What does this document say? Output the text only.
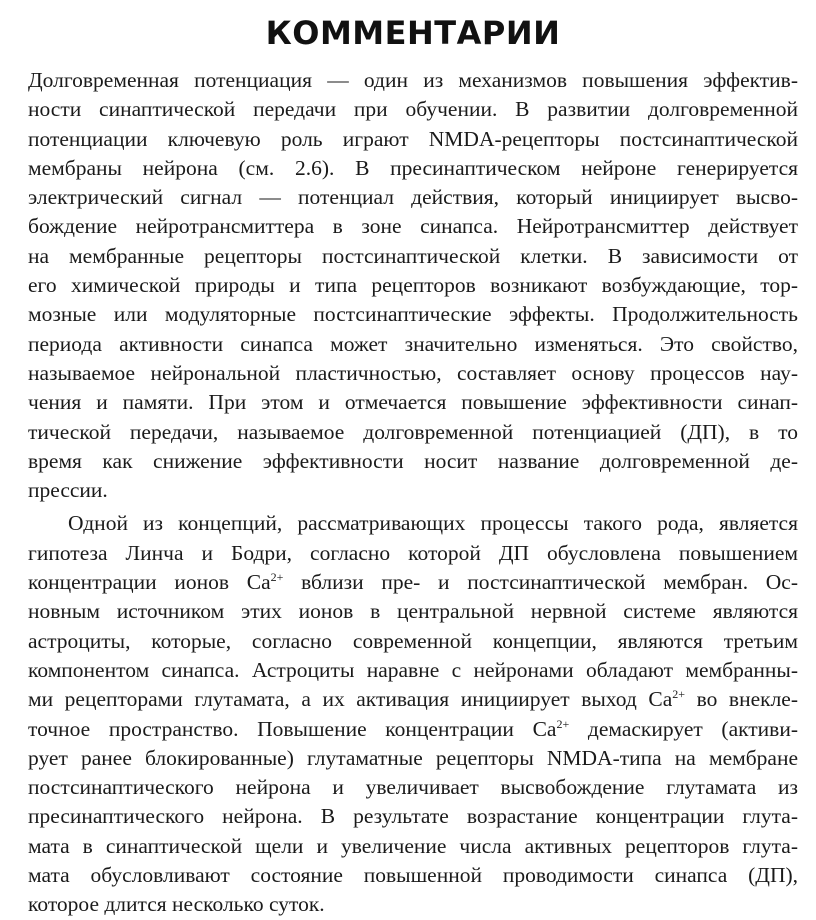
КОММЕНТАРИИ
Долговременная потенциация — один из механизмов повышения эффектив-
ности синаптической передачи при обучении. В развитии долговременной
потенциации ключевую роль играют NMDA-рецепторы постсинаптической
мембраны нейрона (см. 2.6). В пресинаптическом нейроне генерируется
электрический сигнал — потенциал действия, который инициирует высво-
бождение нейротрансмиттера в зоне синапса. Нейротрансмиттер действует
на мембранные рецепторы постсинаптической клетки. В зависимости от
его химической природы и типа рецепторов возникают возбуждающие, тор-
мозные или модуляторные постсинаптические эффекты. Продолжительность
периода активности синапса может значительно изменяться. Это свойство,
называемое нейрональной пластичностью, составляет основу процессов нау-
чения и памяти. При этом и отмечается повышение эффективности синап-
тической передачи, называемое долговременной потенциацией (ДП), в то
время как снижение эффективности носит название долговременной де-
прессии.
Одной из концепций, рассматривающих процессы такого рода, является
гипотеза Линча и Бодри, согласно которой ДП обусловлена повышением
концентрации ионов $Са^{2+}$ вблизи пре- и постсинаптической мембран. Ос-
новным источником этих ионов в центральной нервной системе являются
астроциты, которые, согласно современной концепции, являются третьим
компонентом синапса. Астроциты наравне с нейронами обладают мембранны-
ми рецепторами глутамата, а их активация инициирует выход $Са^{2+}$ во внекле-
точное пространство. Повышение концентрации $Са^{2+}$ демаскирует (активи-
рует ранее блокированные) глутаматные рецепторы NMDA-типа на мембране
постсинаптического нейрона и увеличивает высвобождение глутамата из
пресинаптического нейрона. В результате возрастание концентрации глута-
мата в синаптической щели и увеличение числа активных рецепторов глута-
мата обусловливают состояние повышенной проводимости синапса (ДП),
которое длится несколько суток.
